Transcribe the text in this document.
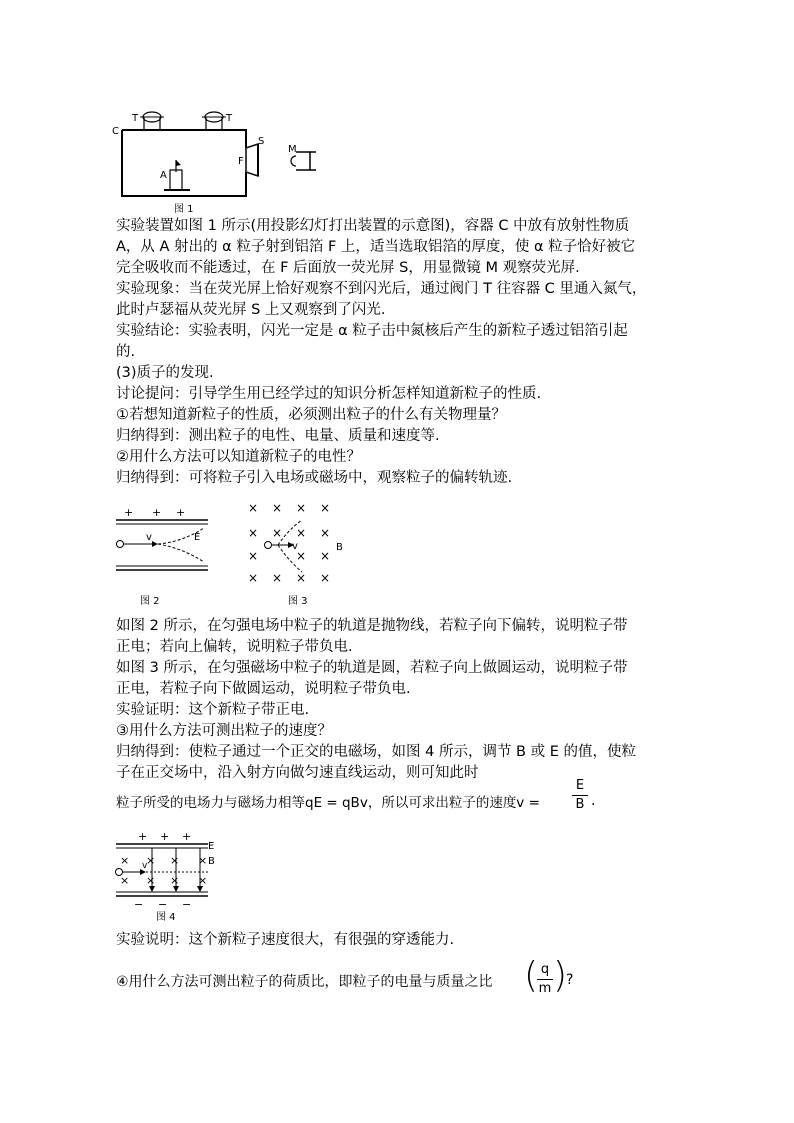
C
T	T
S
F
M
A
图 1
实验装置如图 1 所示(用投影幻灯打出装置的示意图)，容器 C 中放有放射性物质
A，从 A 射出的 α 粒子射到铝箔 F 上，适当选取铝箔的厚度，使 α 粒子恰好被它
完全吸收而不能透过，在 F 后面放一荧光屏 S，用显微镜 M 观察荧光屏.
实验现象：当在荧光屏上恰好观察不到闪光后，通过阀门 T 往容器 C 里通入氮气，
此时卢瑟福从荧光屏 S 上又观察到了闪光.
实验结论：实验表明，闪光一定是 α 粒子击中氮核后产生的新粒子透过铝箔引起
的.
(3)质子的发现.
讨论提问：引导学生用已经学过的知识分析怎样知道新粒子的性质.
①若想知道新粒子的性质，必须测出粒子的什么有关物理量？
归纳得到：测出粒子的电性、电量、质量和速度等.
②用什么方法可以知道新粒子的电性？
归纳得到：可将粒子引入电场或磁场中，观察粒子的偏转轨迹.
+ + +
v	E
图 2
× × × ×
× × × ×
×	× ×
× × × ×
v	B
图 3
如图 2 所示，在匀强电场中粒子的轨道是抛物线，若粒子向下偏转，说明粒子带
正电；若向上偏转，说明粒子带负电.
如图 3 所示，在匀强磁场中粒子的轨道是圆，若粒子向上做圆运动，说明粒子带
正电，若粒子向下做圆运动，说明粒子带负电.
实验证明：这个新粒子带正电.
③用什么方法可测出粒子的速度？
归纳得到：使粒子通过一个正交的电磁场，如图 4 所示，调节 B 或 E 的值，使粒
子在正交场中，沿入射方向做匀速直线运动，则可知此时
粒子所受的电场力与磁场力相等qE = qBv，所以可求出粒子的速度v =
E
B .
+ + +
E
× × × ×
× × × ×
B
v
− − −
图 4
实验说明：这个新粒子速度很大，有很强的穿透能力.
④用什么方法可测出粒子的荷质比，即粒子的电量与质量之比 ( q
m )
?
